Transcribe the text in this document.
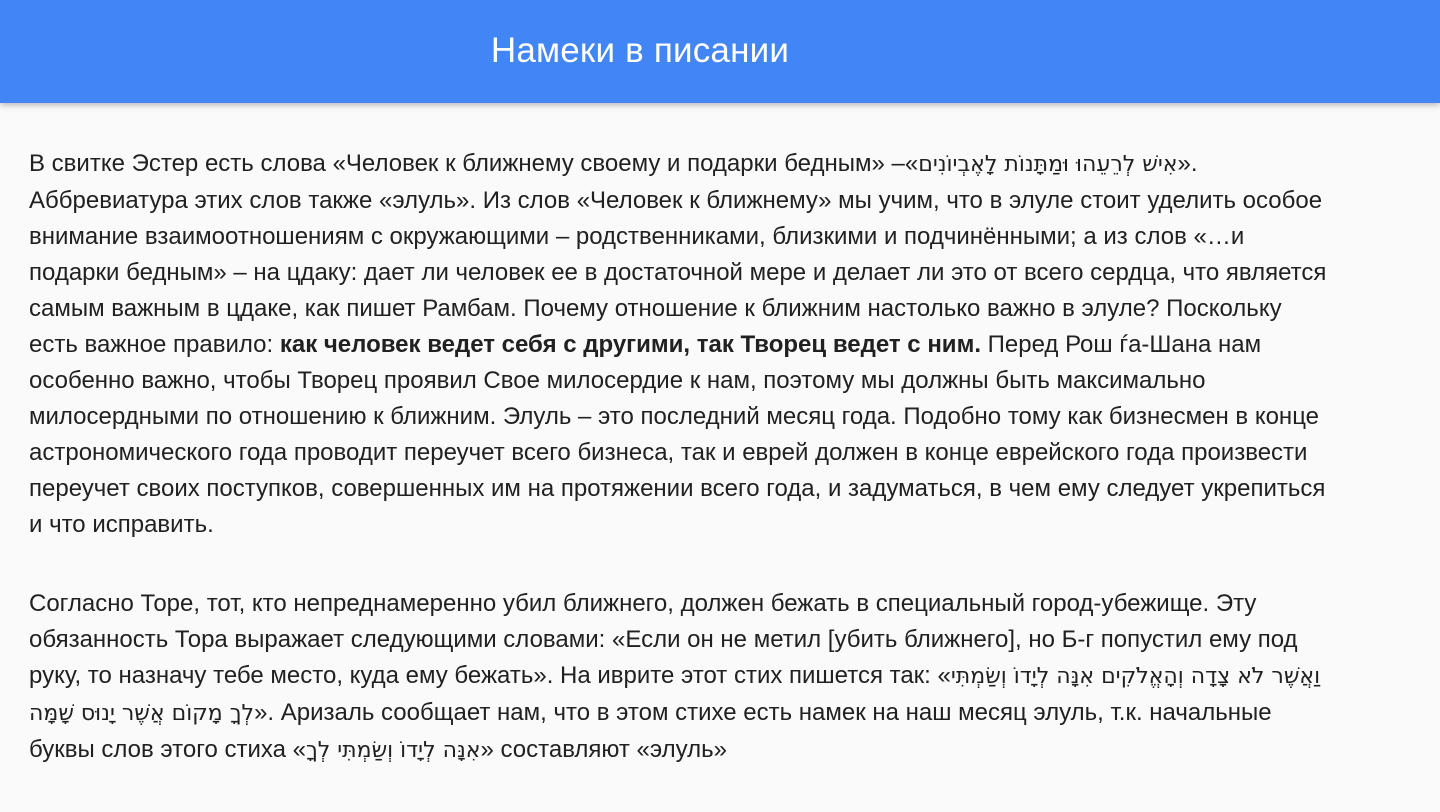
Намеки в писании

В свитке Эстер есть слова «Человек к ближнему своему и подарки бедным» –«אִישׁ לְרֵעֵהוּ וּמַתָּנוֹת לָאֶבְיוֹנִים». Аббревиатура этих слов также «элуль». Из слов «Человек к ближнему» мы учим, что в элуле стоит уделить особое внимание взаимоотношениям с окружающими – родственниками, близкими и подчинёнными; а из слов «…и подарки бедным» – на цдаку: дает ли человек ее в достаточной мере и делает ли это от всего сердца, что является самым важным в цдаке, как пишет Рамбам. Почему отношение к ближним настолько важно в элуле? Поскольку есть важное правило: как человек ведет себя с другими, так Творец ведет с ним. Перед Рош ѓа-Шана нам особенно важно, чтобы Творец проявил Свое милосердие к нам, поэтому мы должны быть максимально милосердными по отношению к ближним. Элуль – это последний месяц года. Подобно тому как бизнесмен в конце астрономического года проводит переучет всего бизнеса, так и еврей должен в конце еврейского года произвести переучет своих поступков, совершенных им на протяжении всего года, и задуматься, в чем ему следует укрепиться и что исправить.

Согласно Торе, тот, кто непреднамеренно убил ближнего, должен бежать в специальный город-убежище. Эту обязанность Тора выражает следующими словами: «Если он не метил [убить ближнего], но Б-г попустил ему под руку, то назначу тебе место, куда ему бежать». На иврите этот стих пишется так: «וַאֲשֶׁר לֹא צָדָה וְהָאֱלֹקִים אִנָּה לְיָדוֹ וְשַׂמְתִּי לְךָ מָקוֹם אֲשֶׁר יָנוּס שָׁמָּה». Аризаль сообщает нам, что в этом стихе есть намек на наш месяц элуль, т.к. начальные буквы слов этого стиха «אִנָּה לְיָדוֹ וְשַׂמְתִּי לְךָ» составляют «элуль»
